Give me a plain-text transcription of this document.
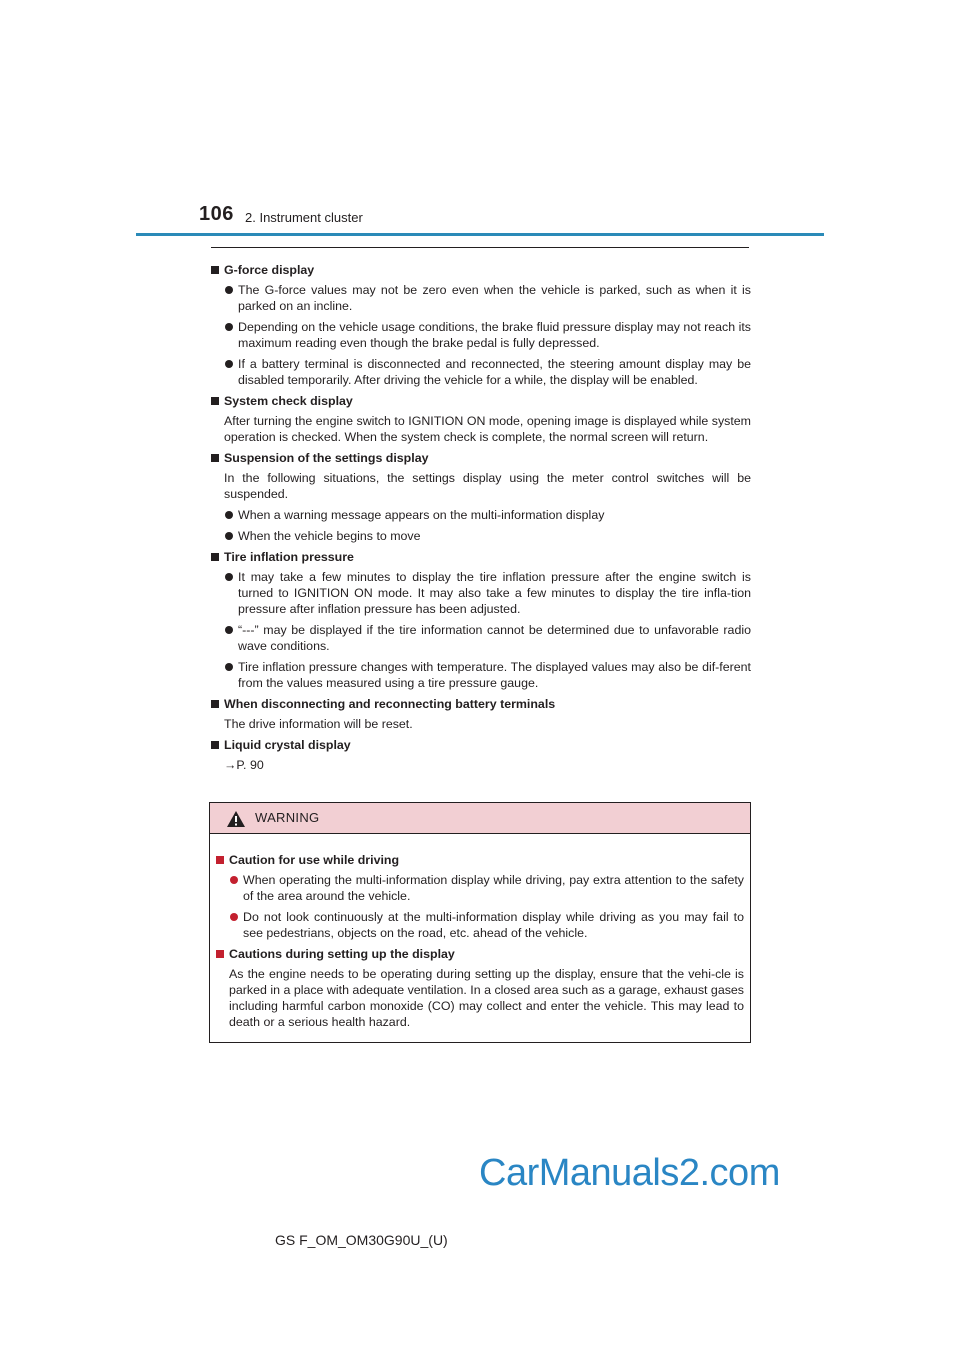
106 2. Instrument cluster
G-force display
The G-force values may not be zero even when the vehicle is parked, such as when it is parked on an incline.
Depending on the vehicle usage conditions, the brake fluid pressure display may not reach its maximum reading even though the brake pedal is fully depressed.
If a battery terminal is disconnected and reconnected, the steering amount display may be disabled temporarily. After driving the vehicle for a while, the display will be enabled.
System check display
After turning the engine switch to IGNITION ON mode, opening image is displayed while system operation is checked. When the system check is complete, the normal screen will return.
Suspension of the settings display
In the following situations, the settings display using the meter control switches will be suspended.
When a warning message appears on the multi-information display
When the vehicle begins to move
Tire inflation pressure
It may take a few minutes to display the tire inflation pressure after the engine switch is turned to IGNITION ON mode. It may also take a few minutes to display the tire infla-tion pressure after inflation pressure has been adjusted.
“---” may be displayed if the tire information cannot be determined due to unfavorable radio wave conditions.
Tire inflation pressure changes with temperature. The displayed values may also be dif-ferent from the values measured using a tire pressure gauge.
When disconnecting and reconnecting battery terminals
The drive information will be reset.
Liquid crystal display
→P. 90
WARNING
Caution for use while driving
When operating the multi-information display while driving, pay extra attention to the safety of the area around the vehicle.
Do not look continuously at the multi-information display while driving as you may fail to see pedestrians, objects on the road, etc. ahead of the vehicle.
Cautions during setting up the display
As the engine needs to be operating during setting up the display, ensure that the vehi-cle is parked in a place with adequate ventilation. In a closed area such as a garage, exhaust gases including harmful carbon monoxide (CO) may collect and enter the vehicle. This may lead to death or a serious health hazard.
CarManuals2.com
GS F_OM_OM30G90U_(U)
